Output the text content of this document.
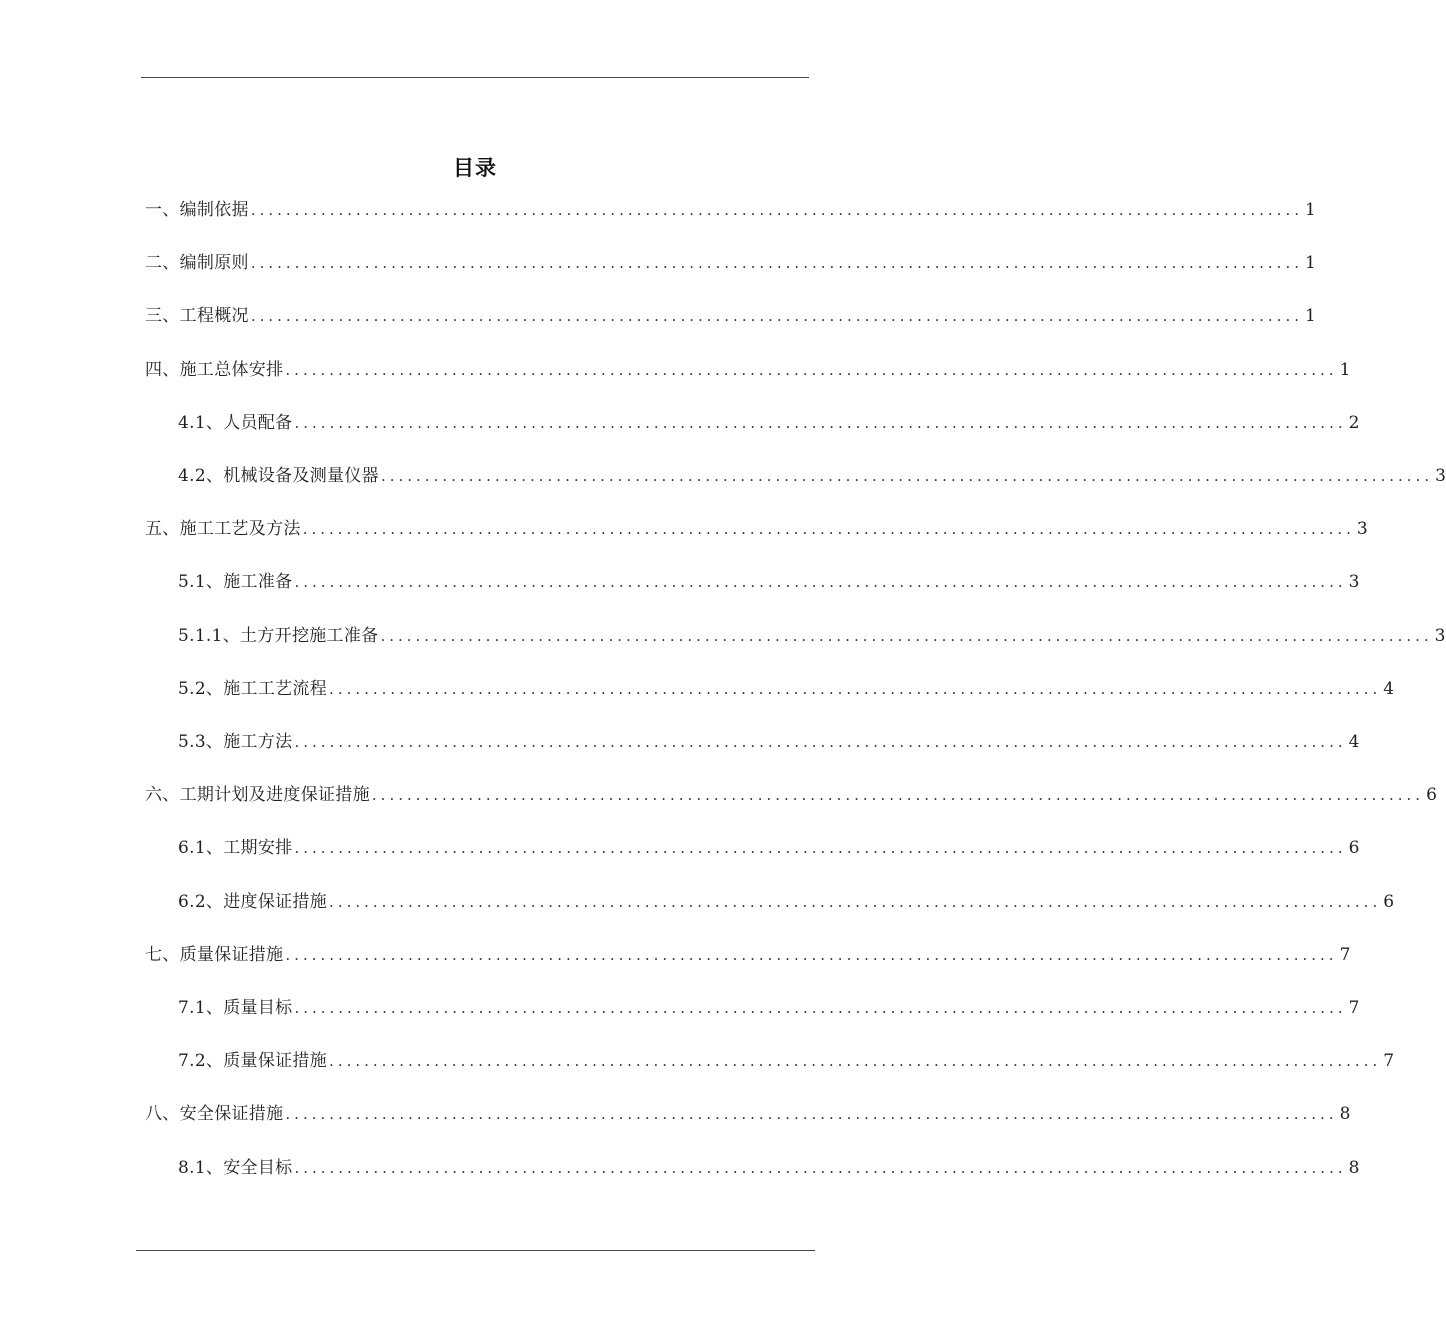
目录
一、编制依据 ........................................................................................................................ 1
二、编制原则 ........................................................................................................................ 1
三、工程概况 ........................................................................................................................ 1
四、施工总体安排 ........................................................................................................................ 1
4.1、人员配备 ........................................................................................................................ 2
4.2、机械设备及测量仪器 ........................................................................................................................ 3
五、施工工艺及方法 ........................................................................................................................ 3
5.1、施工准备 ........................................................................................................................ 3
5.1.1、土方开挖施工准备 ........................................................................................................................ 3
5.2、施工工艺流程 ........................................................................................................................ 4
5.3、施工方法 ........................................................................................................................ 4
六、工期计划及进度保证措施 ........................................................................................................................ 6
6.1、工期安排 ........................................................................................................................ 6
6.2、进度保证措施 ........................................................................................................................ 6
七、质量保证措施 ........................................................................................................................ 7
7.1、质量目标 ........................................................................................................................ 7
7.2、质量保证措施 ........................................................................................................................ 7
八、安全保证措施 ........................................................................................................................ 8
8.1、安全目标 ........................................................................................................................ 8
